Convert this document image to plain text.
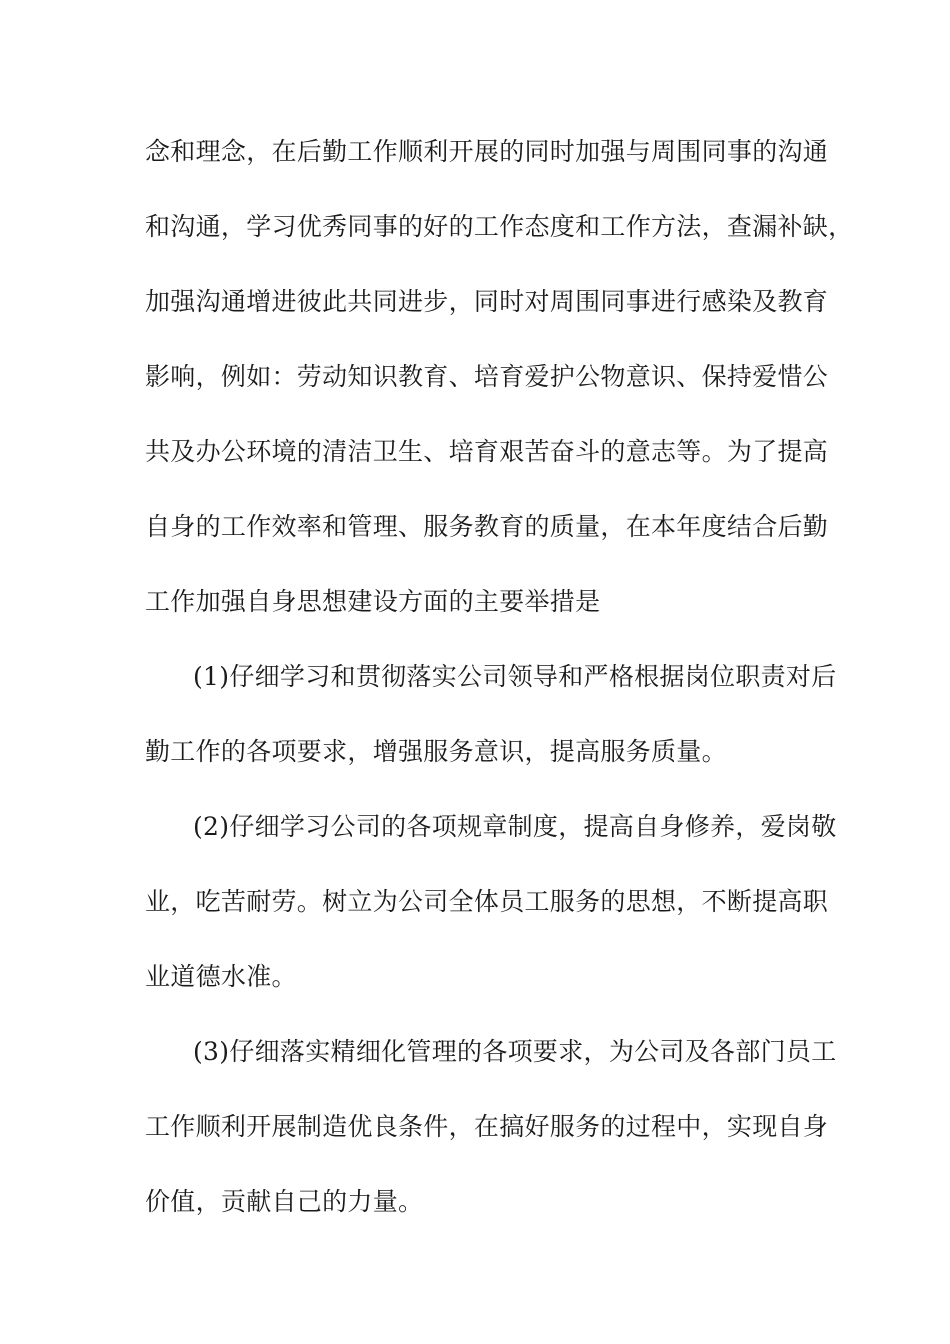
念和理念，在后勤工作顺利开展的同时加强与周围同事的沟通
和沟通，学习优秀同事的好的工作态度和工作方法，查漏补缺，
加强沟通增进彼此共同进步，同时对周围同事进行感染及教育
影响，例如：劳动知识教育、培育爱护公物意识、保持爱惜公
共及办公环境的清洁卫生、培育艰苦奋斗的意志等。为了提高
自身的工作效率和管理、服务教育的质量，在本年度结合后勤
工作加强自身思想建设方面的主要举措是
(1)仔细学习和贯彻落实公司领导和严格根据岗位职责对后
勤工作的各项要求，增强服务意识，提高服务质量。
(2)仔细学习公司的各项规章制度，提高自身修养，爱岗敬
业，吃苦耐劳。树立为公司全体员工服务的思想，不断提高职
业道德水准。
(3)仔细落实精细化管理的各项要求，为公司及各部门员工
工作顺利开展制造优良条件，在搞好服务的过程中，实现自身
价值，贡献自己的力量。
